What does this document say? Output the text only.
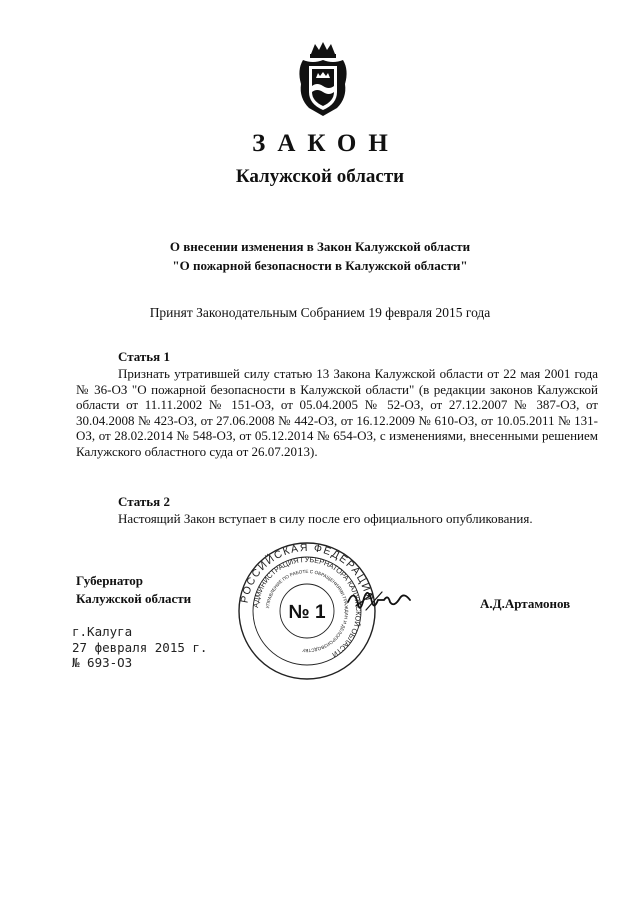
ЗАКОН
Калужской области
О внесении изменения в Закон Калужской области
"О пожарной безопасности в Калужской области"
Принят Законодательным Собранием 19 февраля 2015 года
Статья 1
Признать утратившей силу статью 13 Закона Калужской области от 22 мая 2001 года № 36-ОЗ "О пожарной безопасности в Калужской области" (в редакции законов Калужской области от 11.11.2002 № 151-ОЗ, от 05.04.2005 № 52-ОЗ, от 27.12.2007 № 387-ОЗ, от 30.04.2008 № 423-ОЗ, от 27.06.2008 № 442-ОЗ, от 16.12.2009 № 610-ОЗ, от 10.05.2011 № 131-ОЗ, от 28.02.2014 № 548-ОЗ, от 05.12.2014 № 654-ОЗ, с изменениями, внесенными решением Калужского областного суда от 26.07.2013).
Статья 2
Настоящий Закон вступает в силу после его официального опубликования.
Губернатор
Калужской области	А.Д.Артамонов
г.Калуга
27 февраля 2015 г.
№ 693-ОЗ
РОССИЙСКАЯ ФЕДЕРАЦИЯ
АДМИНИСТРАЦИЯ ГУБЕРНАТОРА КАЛУЖСКОЙ ОБЛАСТИ
УПРАВЛЕНИЕ ПО РАБОТЕ С ОБРАЩЕНИЯМИ ГРАЖДАН И ДЕЛОПРОИЗВОДСТВУ
№ 1
